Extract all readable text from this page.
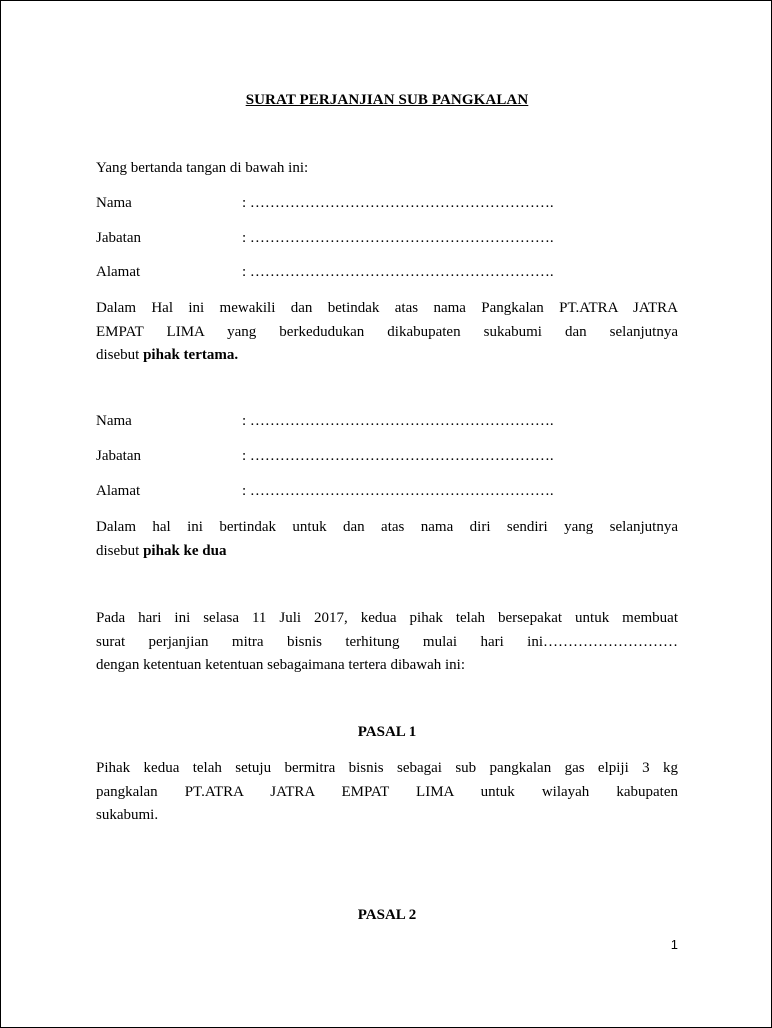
SURAT PERJANJIAN SUB PANGKALAN
Yang bertanda tangan di bawah ini:
Nama	: …………………………………………………….
Jabatan	: …………………………………………………….
Alamat	: …………………………………………………….
Dalam Hal ini mewakili dan betindak atas nama Pangkalan PT.ATRA JATRA
EMPAT LIMA yang berkedudukan dikabupaten sukabumi dan selanjutnya
disebut pihak tertama.
Nama	: …………………………………………………….
Jabatan	: …………………………………………………….
Alamat	: …………………………………………………….
Dalam hal ini bertindak untuk dan atas nama diri sendiri yang selanjutnya
disebut pihak ke dua
Pada hari ini selasa 11 Juli 2017, kedua pihak telah bersepakat untuk membuat
surat perjanjian mitra bisnis terhitung mulai hari ini………………………
dengan ketentuan ketentuan sebagaimana tertera dibawah ini:
PASAL 1
Pihak kedua telah setuju bermitra bisnis sebagai sub pangkalan gas elpiji 3 kg
pangkalan PT.ATRA JATRA EMPAT LIMA untuk wilayah kabupaten
sukabumi.
PASAL 2
1
